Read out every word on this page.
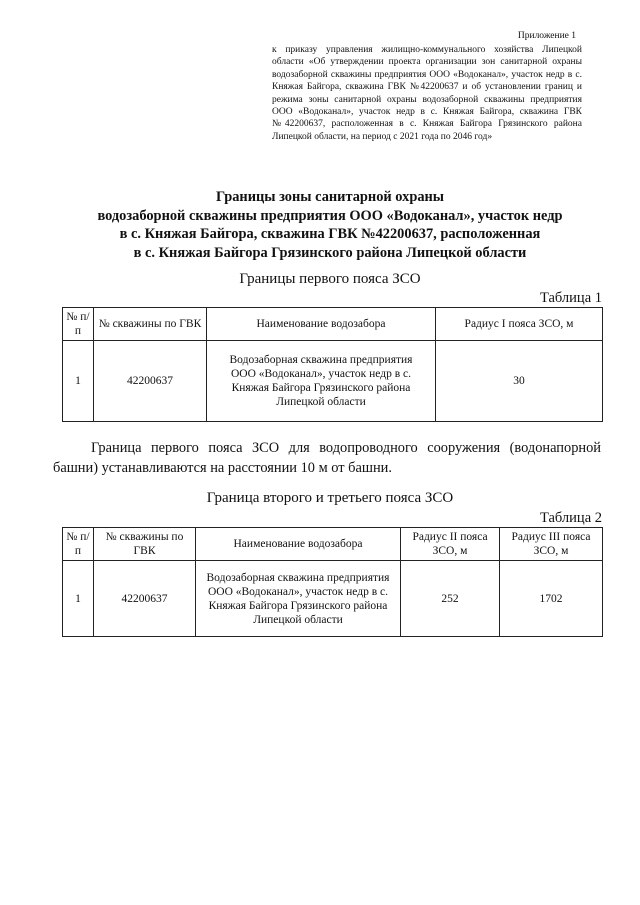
Приложение 1
к приказу управления жилищно-коммунального хозяйства Липецкой области «Об утверждении проекта организации зон санитарной охраны водозаборной скважины предприятия ООО «Водоканал», участок недр в с. Княжая Байгора, скважина ГВК №42200637 и об установлении границ и режима зоны санитарной охраны водозаборной скважины предприятия ООО «Водоканал», участок недр в с. Княжая Байгора, скважина ГВК №42200637, расположенная в с. Княжая Байгора Грязинского района Липецкой области, на период с 2021 года по 2046 год»
Границы зоны санитарной охраны
водозаборной скважины предприятия ООО «Водоканал», участок недр
в с. Княжая Байгора, скважина ГВК №42200637, расположенная
в с. Княжая Байгора Грязинского района Липецкой области
Границы первого пояса ЗСО
Таблица 1
№ п/п	№ скважины по ГВК	Наименование водозабора	Радиус I пояса ЗСО, м
1	42200637	Водозаборная скважина предприятия ООО «Водоканал», участок недр в с. Княжая Байгора Грязинского района Липецкой области	30
Граница первого пояса ЗСО для водопроводного сооружения (водонапорной башни) устанавливаются на расстоянии 10 м от башни.
Граница второго и третьего пояса ЗСО
Таблица 2
№ п/п	№ скважины по ГВК	Наименование водозабора	Радиус II пояса ЗСО, м	Радиус III пояса ЗСО, м
1	42200637	Водозаборная скважина предприятия ООО «Водоканал», участок недр в с. Княжая Байгора Грязинского района Липецкой области	252	1702
